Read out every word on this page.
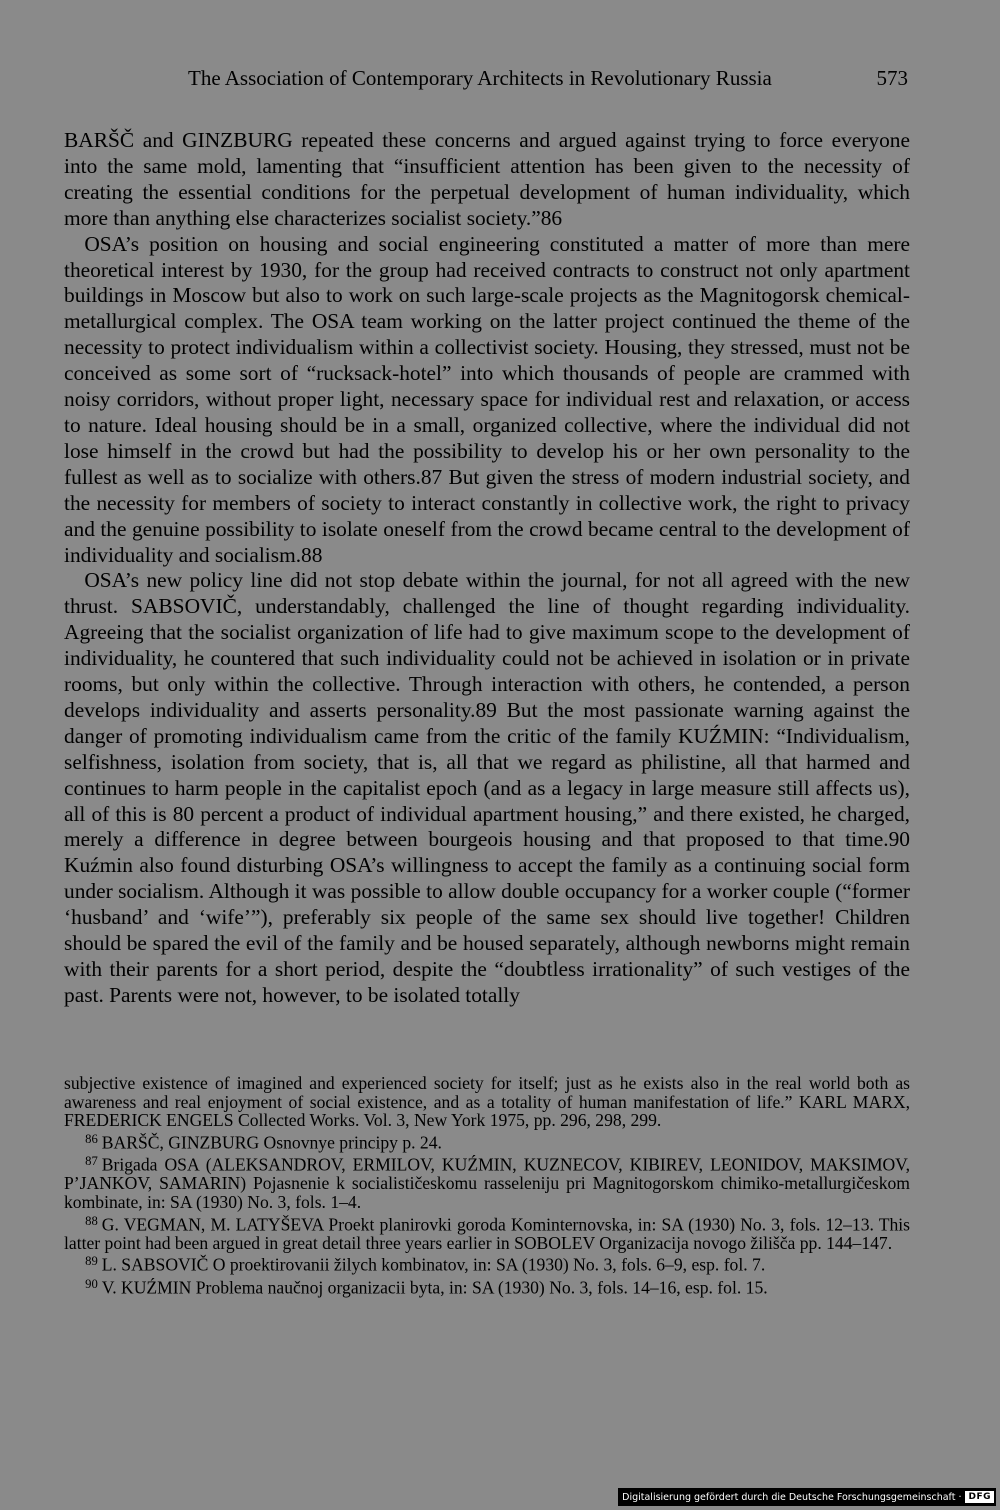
The Association of Contemporary Architects in Revolutionary Russia	573

BARŠČ and GINZBURG repeated these concerns and argued against trying to force everyone into the same mold, lamenting that “insufficient attention has been given to the necessity of creating the essential conditions for the perpetual development of human individuality, which more than anything else characterizes socialist society.”86

OSA’s position on housing and social engineering constituted a matter of more than mere theoretical interest by 1930, for the group had received contracts to construct not only apartment buildings in Moscow but also to work on such large-scale projects as the Magnitogorsk chemical-metallurgical complex. The OSA team working on the latter project continued the theme of the necessity to protect individualism within a collectivist society. Housing, they stressed, must not be conceived as some sort of “rucksack-hotel” into which thousands of people are crammed with noisy corridors, without proper light, necessary space for individual rest and relaxation, or access to nature. Ideal housing should be in a small, organized collective, where the individual did not lose himself in the crowd but had the possibility to develop his or her own personality to the fullest as well as to socialize with others.87 But given the stress of modern industrial society, and the necessity for members of society to interact constantly in collective work, the right to privacy and the genuine possibility to isolate oneself from the crowd became central to the development of individuality and socialism.88

OSA’s new policy line did not stop debate within the journal, for not all agreed with the new thrust. SABSOVIČ, understandably, challenged the line of thought regarding individuality. Agreeing that the socialist organization of life had to give maximum scope to the development of individuality, he countered that such individuality could not be achieved in isolation or in private rooms, but only within the collective. Through interaction with others, he contended, a person develops individuality and asserts personality.89 But the most passionate warning against the danger of promoting individualism came from the critic of the family KUŹMIN: “Individualism, selfishness, isolation from society, that is, all that we regard as philistine, all that harmed and continues to harm people in the capitalist epoch (and as a legacy in large measure still affects us), all of this is 80 percent a product of individual apartment housing,” and there existed, he charged, merely a difference in degree between bourgeois housing and that proposed to that time.90 Kuźmin also found disturbing OSA’s willingness to accept the family as a continuing social form under socialism. Although it was possible to allow double occupancy for a worker couple (“former ‘husband’ and ‘wife’”), preferably six people of the same sex should live together! Children should be spared the evil of the family and be housed separately, although newborns might remain with their parents for a short period, despite the “doubtless irrationality” of such vestiges of the past. Parents were not, however, to be isolated totally

subjective existence of imagined and experienced society for itself; just as he exists also in the real world both as awareness and real enjoyment of social existence, and as a totality of human manifestation of life.” KARL MARX, FREDERICK ENGELS Collected Works. Vol. 3, New York 1975, pp. 296, 298, 299.

$^{86}$ BARŠČ, GINZBURG Osnovnye principy p. 24.

$^{87}$ Brigada OSA (ALEKSANDROV, ERMILOV, KUŹMIN, KUZNECOV, KIBIREV, LEONIDOV, MAKSIMOV, P’JANKOV, SAMARIN) Pojasnenie k socialističeskomu rasseleniju pri Magnitogorskom chimiko-metallurgičeskom kombinate, in: SA (1930) No. 3, fols. 1–4.

$^{88}$ G. VEGMAN, M. LATYŠEVA Proekt planirovki goroda Kominternovska, in: SA (1930) No. 3, fols. 12–13. This latter point had been argued in great detail three years earlier in SOBOLEV Organizacija novogo žilišča pp. 144–147.

$^{89}$ L. SABSOVIČ O proektirovanii žilych kombinatov, in: SA (1930) No. 3, fols. 6–9, esp. fol. 7.

$^{90}$ V. KUŹMIN Problema naučnoj organizacii byta, in: SA (1930) No. 3, fols. 14–16, esp. fol. 15.

Digitalisierung gefördert durch die Deutsche Forschungsgemeinschaft · DFG
